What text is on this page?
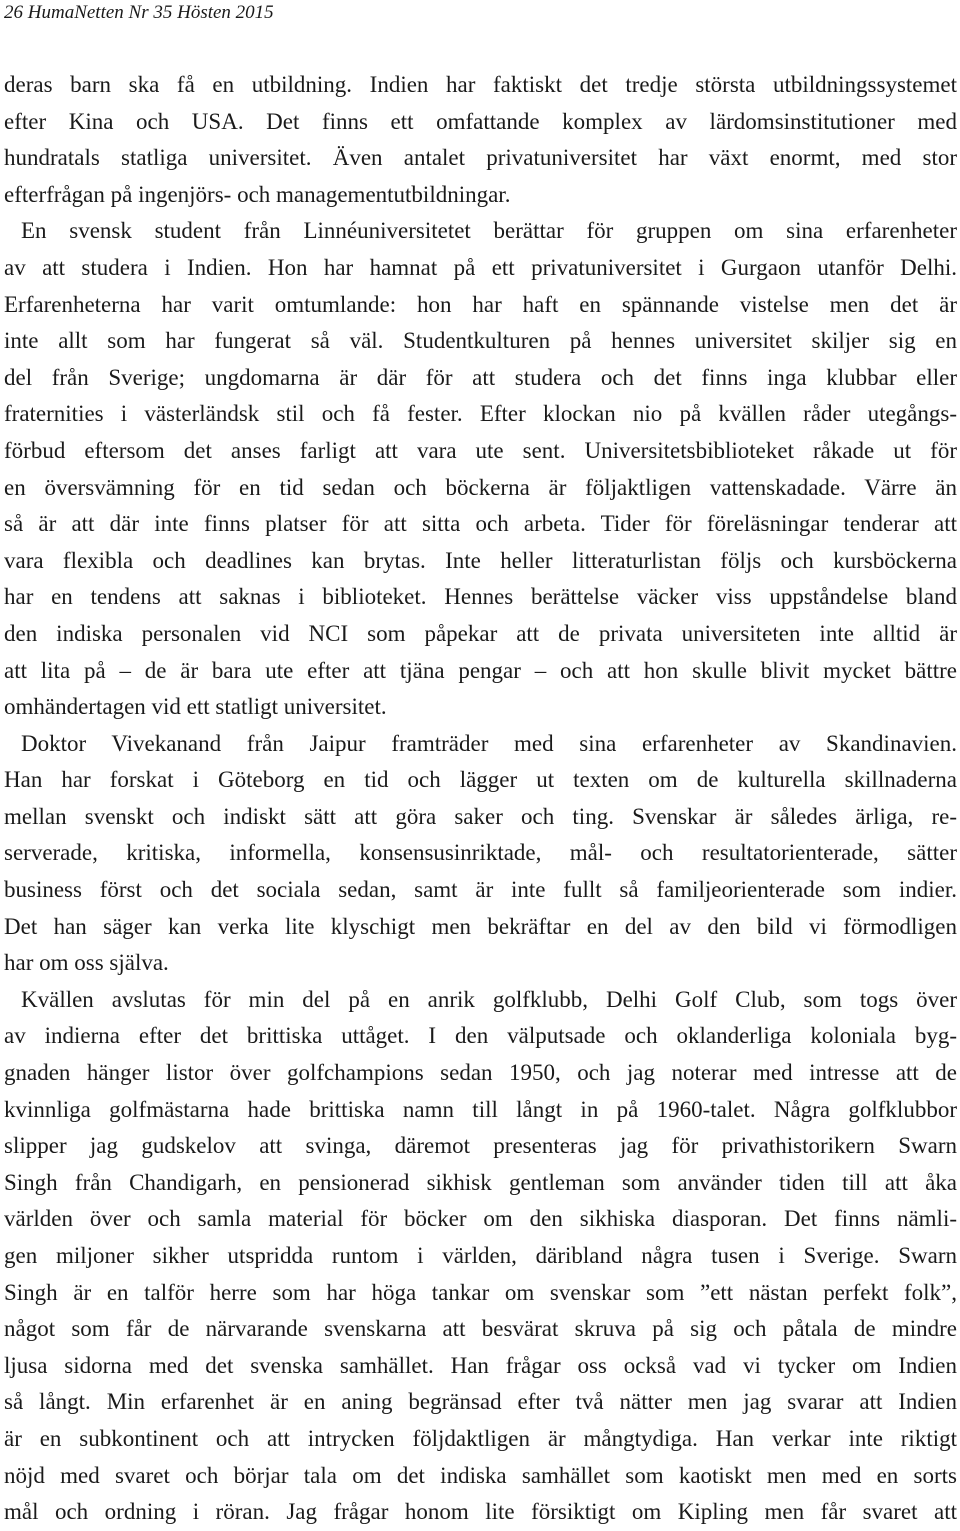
26 HumaNetten Nr 35 Hösten 2015
deras barn ska få en utbildning. Indien har faktiskt det tredje största utbildningssystemet
efter Kina och USA. Det finns ett omfattande komplex av lärdomsinstitutioner med
hundratals statliga universitet. Även antalet privatuniversitet har växt enormt, med stor
efterfrågan på ingenjörs- och managementutbildningar.
En svensk student från Linnéuniversitetet berättar för gruppen om sina erfarenheter
av att studera i Indien. Hon har hamnat på ett privatuniversitet i Gurgaon utanför Delhi.
Erfarenheterna har varit omtumlande: hon har haft en spännande vistelse men det är
inte allt som har fungerat så väl. Studentkulturen på hennes universitet skiljer sig en
del från Sverige; ungdomarna är där för att studera och det finns inga klubbar eller
fraternities i västerländsk stil och få fester. Efter klockan nio på kvällen råder utegångs-
förbud eftersom det anses farligt att vara ute sent. Universitetsbiblioteket råkade ut för
en översvämning för en tid sedan och böckerna är följaktligen vattenskadade. Värre än
så är att där inte finns platser för att sitta och arbeta. Tider för föreläsningar tenderar att
vara flexibla och deadlines kan brytas. Inte heller litteraturlistan följs och kursböckerna
har en tendens att saknas i biblioteket. Hennes berättelse väcker viss uppståndelse bland
den indiska personalen vid NCI som påpekar att de privata universiteten inte alltid är
att lita på – de är bara ute efter att tjäna pengar – och att hon skulle blivit mycket bättre
omhändertagen vid ett statligt universitet.
Doktor Vivekanand från Jaipur framträder med sina erfarenheter av Skandinavien.
Han har forskat i Göteborg en tid och lägger ut texten om de kulturella skillnaderna
mellan svenskt och indiskt sätt att göra saker och ting. Svenskar är således ärliga, re-
serverade, kritiska, informella, konsensusinriktade, mål- och resultatorienterade, sätter
business först och det sociala sedan, samt är inte fullt så familjeorienterade som indier.
Det han säger kan verka lite klyschigt men bekräftar en del av den bild vi förmodligen
har om oss själva.
Kvällen avslutas för min del på en anrik golfklubb, Delhi Golf Club, som togs över
av indierna efter det brittiska uttåget. I den välputsade och oklanderliga koloniala byg-
gnaden hänger listor över golfchampions sedan 1950, och jag noterar med intresse att de
kvinnliga golfmästarna hade brittiska namn till långt in på 1960-talet. Några golfklubbor
slipper jag gudskelov att svinga, däremot presenteras jag för privathistorikern Swarn
Singh från Chandigarh, en pensionerad sikhisk gentleman som använder tiden till att åka
världen över och samla material för böcker om den sikhiska diasporan. Det finns nämli-
gen miljoner sikher utspridda runtom i världen, däribland några tusen i Sverige. Swarn
Singh är en talför herre som har höga tankar om svenskar som ”ett nästan perfekt folk”,
något som får de närvarande svenskarna att besvärat skruva på sig och påtala de mindre
ljusa sidorna med det svenska samhället. Han frågar oss också vad vi tycker om Indien
så långt. Min erfarenhet är en aning begränsad efter två nätter men jag svarar att Indien
är en subkontinent och att intrycken följdaktligen är mångtydiga. Han verkar inte riktigt
nöjd med svaret och börjar tala om det indiska samhället som kaotiskt men med en sorts
mål och ordning i röran. Jag frågar honom lite försiktigt om Kipling men får svaret att
